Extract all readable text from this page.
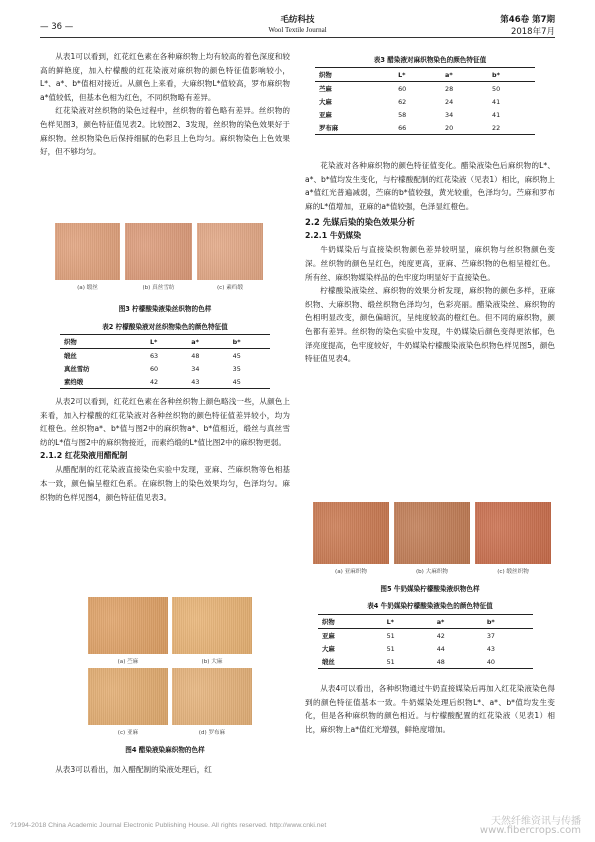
— 36 —
毛纺科技
Wool Textile Journal
第46卷 第7期
2018年7月

从表1可以看到，红花红色素在各种麻织物上均有较高的着色深度和较高的鲜艳度，加入柠檬酸的红花染液对麻织物的颜色特征值影响较小，L*、a*、b*值相对接近。从颜色上来看，大麻织物L*值较高，罗布麻织物a*值较低，但基本色相为红色，不同织物略有差异。

红花染液对丝织物的染色过程中，丝织物的着色略有差异。丝织物的色样见图3，颜色特征值见表2。比较图2、3发现，丝织物的染色效果好于麻织物。丝织物染色后保持细腻的色彩且上色均匀。麻织物染色上色效果好，但不够均匀。

(a) 缎丝	(b) 真丝雪纺	(c) 素绉缎
图3 柠檬酸染液染丝织物的色样
表2 柠檬酸染液对丝织物染色的颜色特征值
织物	L*	a*	b*
缎丝	63	48	45
真丝雪纺	60	34	35
素绉缎	42	43	45

从表2可以看到，红花红色素在各种丝织物上颜色略浅一些，从颜色上来看，加入柠檬酸的红花染液对各种丝织物的颜色特征值差异较小，均为红橙色。丝织物a*、b*值与图2中的麻织物a*、b*值相近，缎丝与真丝雪纺的L*值与图2中的麻织物接近，而素绉缎的L*值比图2中的麻织物更弱。

2.1.2 红花染液用醋配制

从醋配制的红花染液直接染色实验中发现，亚麻、苎麻织物等色相基本一致，颜色偏呈橙红色系。在麻织物上的染色效果均匀，色泽均匀。麻织物的色样见图4，颜色特征值见表3。

(a) 苎麻	(b) 大麻
(c) 亚麻	(d) 罗布麻
图4 醋染液染麻织物的色样

从表3可以看出，加入醋配制的染液处理后，红

表3 醋染液对麻织物染色的颜色特征值
织物	L*	a*	b*
苎麻	60	28	50
大麻	62	24	41
亚麻	58	34	41
罗布麻	66	20	22

花染液对各种麻织物的颜色特征值变化。醋染液染色后麻织物的L*、a*、b*值均发生变化，与柠檬酸配制的红花染液（见表1）相比，麻织物上a*值红光普遍减弱，苎麻的b*值较强，黄光较重，色泽均匀。苎麻和罗布麻的L*值增加，亚麻的a*值较强，色泽显红橙色。

2.2 先媒后染的染色效果分析
2.2.1 牛奶媒染

牛奶媒染后与直接染织物颜色差异较明显，麻织物与丝织物颜色变深。丝织物的颜色呈红色，纯度更高，亚麻、苎麻织物的色相呈橙红色。所有丝、麻织物媒染样品的色牢度均明显好于直接染色。

柠檬酸染液染丝、麻织物的效果分析发现，麻织物的颜色多样，亚麻织物、大麻织物、缎丝织物色泽均匀，色彩亮丽。醋染液染丝、麻织物的色相明显改变，颜色偏暗沉，呈纯度较高的橙红色。但不同的麻织物，颜色都有差异。丝织物的染色实验中发现，牛奶媒染后颜色变得更浓郁，色泽亮度提高，色牢度较好，牛奶媒染柠檬酸染液染色织物色样见图5，颜色特征值见表4。

(a) 亚麻织物	(b) 大麻织物	(c) 缎丝织物
图5 牛奶媒染柠檬酸染液织物色样
表4 牛奶媒染柠檬酸染液染色的颜色特征值
织物	L*	a*	b*
亚麻	51	42	37
大麻	51	44	43
缎丝	51	48	40

从表4可以看出，各种织物通过牛奶直接媒染后再加入红花染液染色得到的颜色特征值基本一致。牛奶媒染处理后织物L*、a*、b*值均发生变化，但是各种麻织物的颜色相近。与柠檬酸配置的红花染液（见表1）相比，麻织物上a*值红光增强，鲜艳度增加。

?1994-2018 China Academic Journal Electronic Publishing House. All rights reserved. http://www.cnki.net	天然纤维资讯与传播
www.fibercrops.com
